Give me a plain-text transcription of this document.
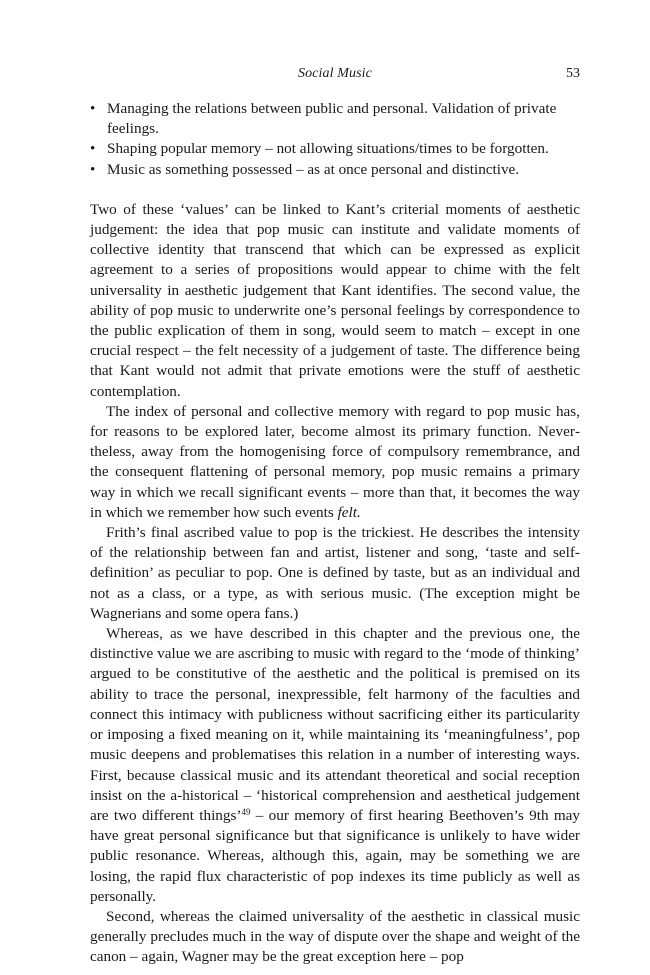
Social Music	53
• Managing the relations between public and personal. Validation of private feelings.
• Shaping popular memory – not allowing situations/times to be forgotten.
• Music as something possessed – as at once personal and distinctive.

Two of these ‘values’ can be linked to Kant’s criterial moments of aesthetic judgement: the idea that pop music can institute and validate moments of collective identity that transcend that which can be expressed as explicit agreement to a series of propositions would appear to chime with the felt universality in aesthetic judgement that Kant identifies. The second value, the ability of pop music to underwrite one’s personal feelings by correspondence to the public explication of them in song, would seem to match – except in one crucial respect – the felt necessity of a judgement of taste. The difference being that Kant would not admit that private emotions were the stuff of aesthetic contemplation.

The index of personal and collective memory with regard to pop music has, for reasons to be explored later, become almost its primary function. Nevertheless, away from the homogenising force of compulsory remembrance, and the consequent flattening of personal memory, pop music remains a primary way in which we recall significant events – more than that, it becomes the way in which we remember how such events felt.

Frith’s final ascribed value to pop is the trickiest. He describes the intensity of the relationship between fan and artist, listener and song, ‘taste and self-definition’ as peculiar to pop. One is defined by taste, but as an individual and not as a class, or a type, as with serious music. (The exception might be Wagnerians and some opera fans.)

Whereas, as we have described in this chapter and the previous one, the distinctive value we are ascribing to music with regard to the ‘mode of thinking’ argued to be constitutive of the aesthetic and the political is premised on its ability to trace the personal, inexpressible, felt harmony of the faculties and connect this intimacy with publicness without sacrificing either its particularity or imposing a fixed meaning on it, while maintaining its ‘meaningfulness’, pop music deepens and problematises this relation in a number of interesting ways. First, because classical music and its attendant theoretical and social reception insist on the a-historical – ‘historical comprehension and aesthetical judgement are two different things’$^{49}$ – our memory of first hearing Beethoven’s 9th may have great personal significance but that significance is unlikely to have wider public resonance. Whereas, although this, again, may be something we are losing, the rapid flux characteristic of pop indexes its time publicly as well as personally.

Second, whereas the claimed universality of the aesthetic in classical music generally precludes much in the way of dispute over the shape and weight of the canon – again, Wagner may be the great exception here – pop
